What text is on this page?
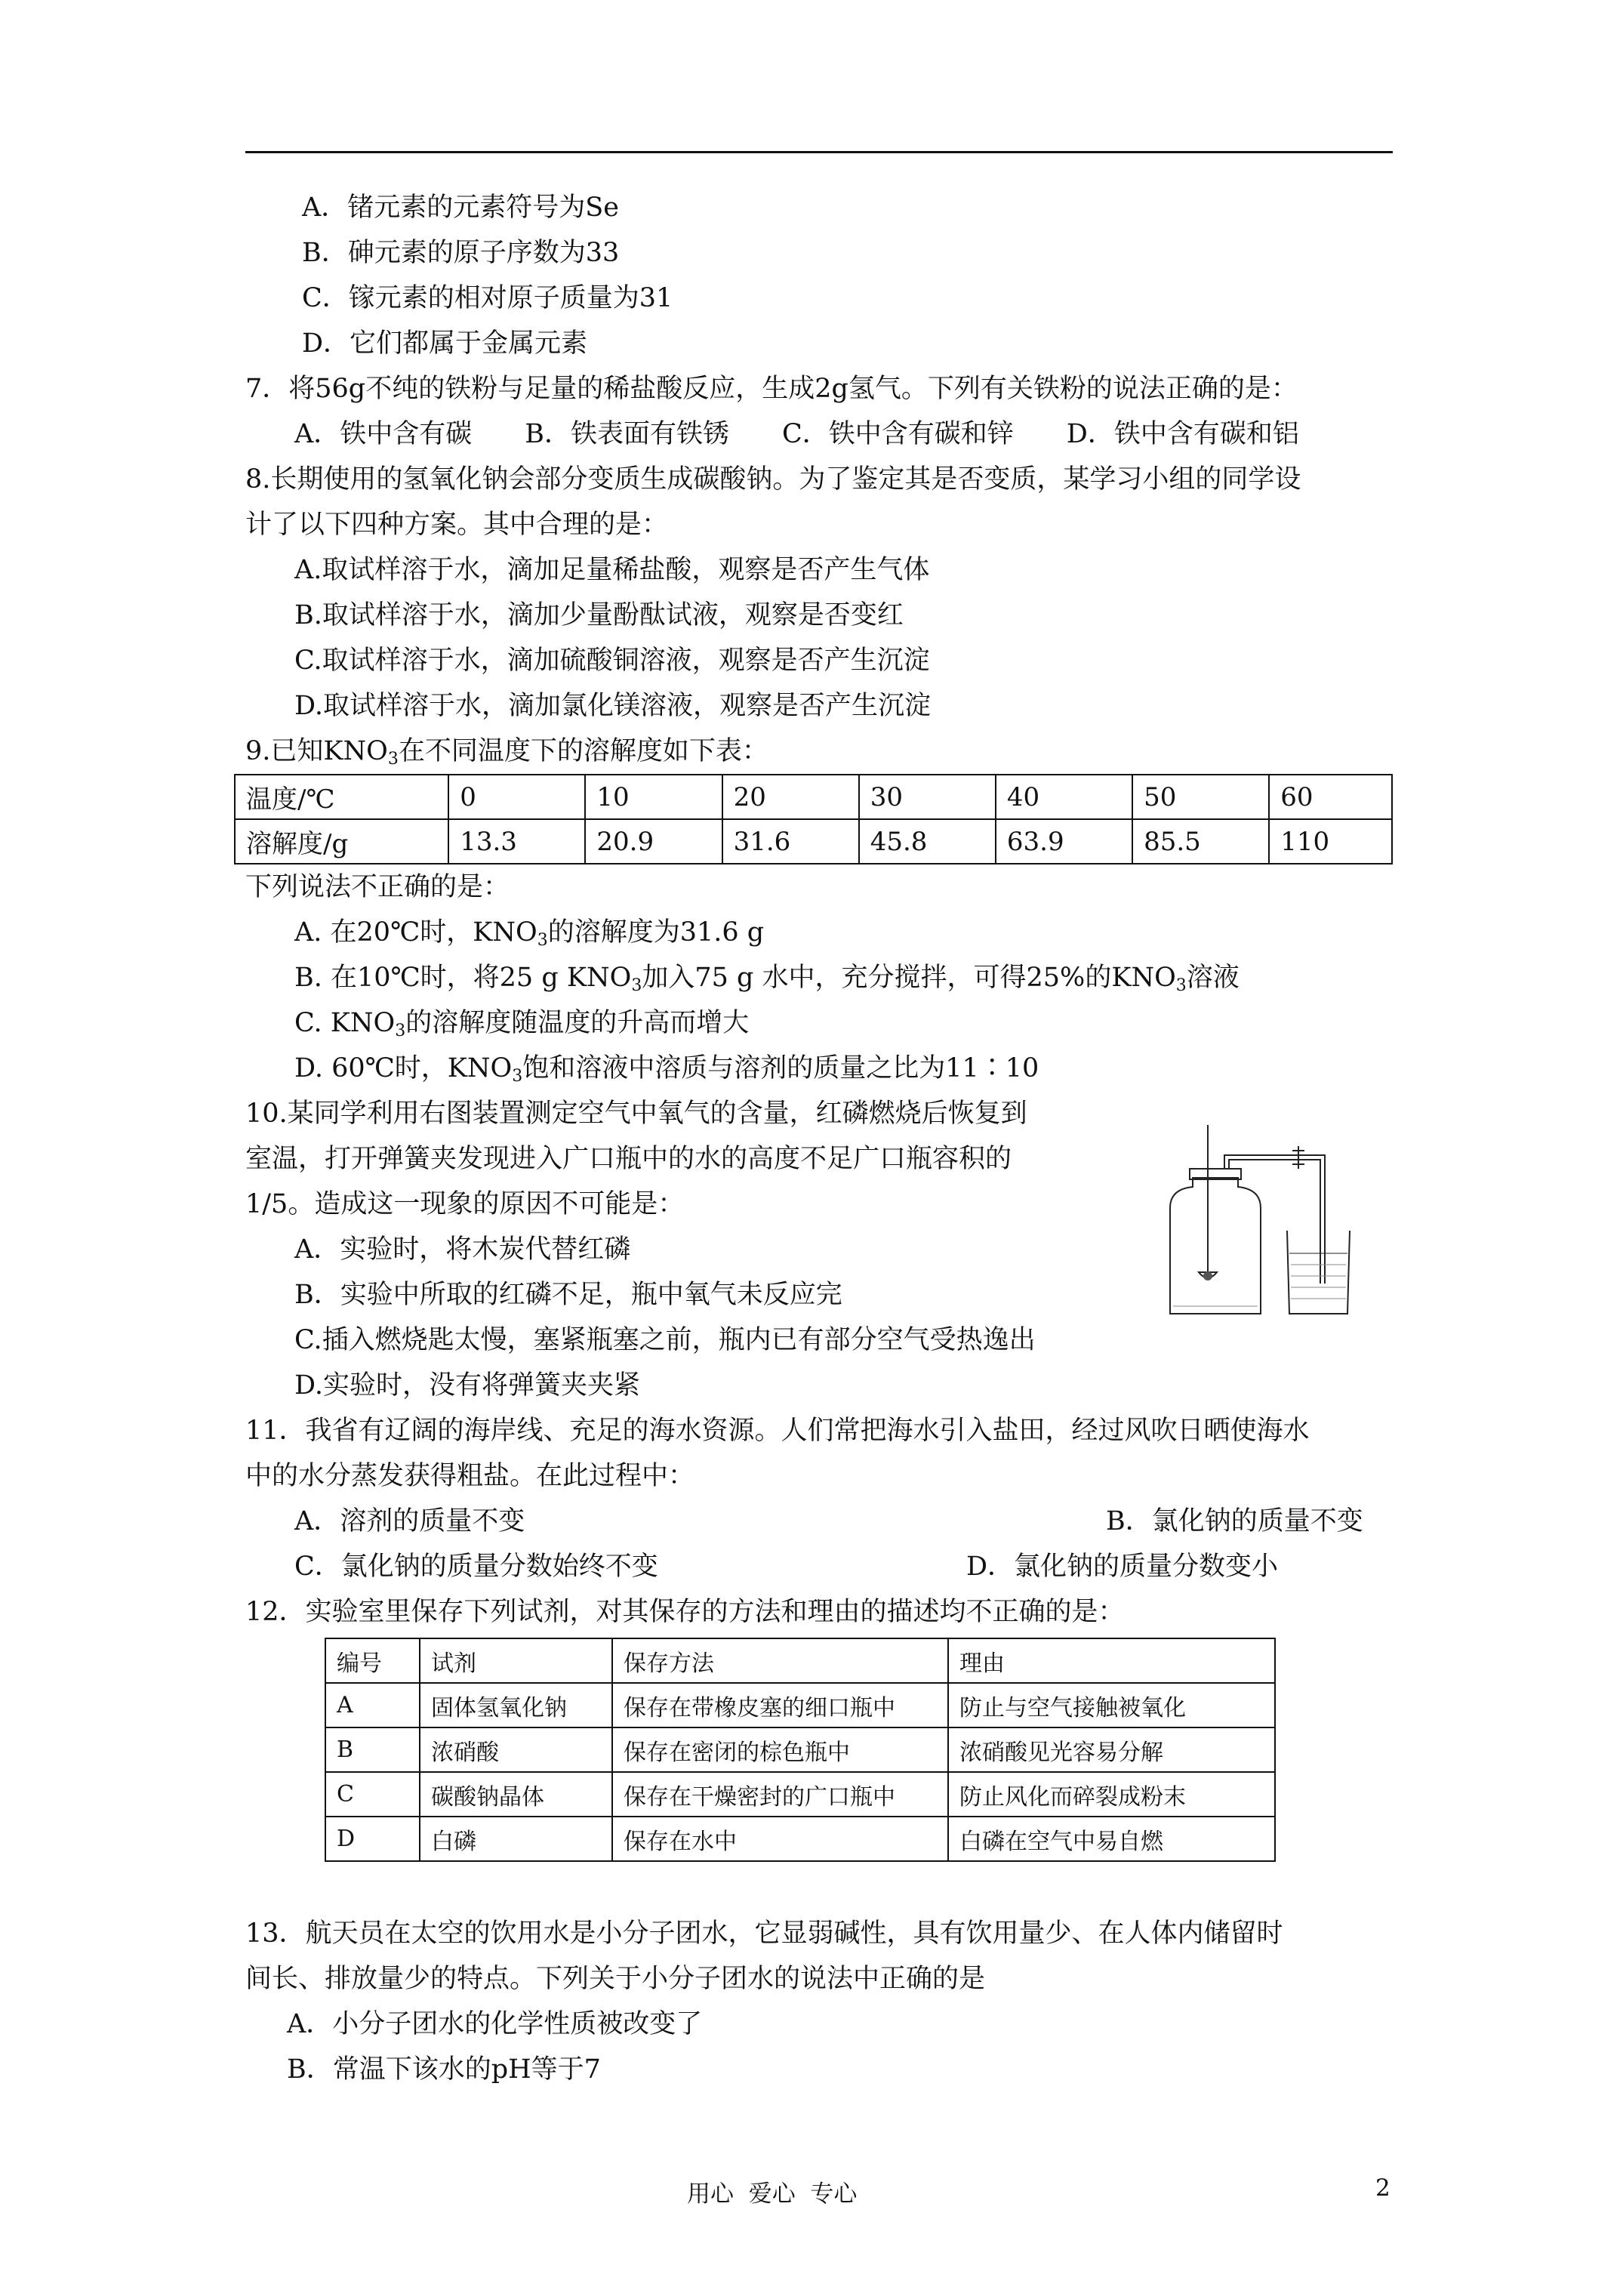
A．锗元素的元素符号为Se
B．砷元素的原子序数为33
C．镓元素的相对原子质量为31
D．它们都属于金属元素
7．将56g不纯的铁粉与足量的稀盐酸反应，生成2g氢气。下列有关铁粉的说法正确的是：
A．铁中含有碳 B．铁表面有铁锈 C．铁中含有碳和锌 D．铁中含有碳和铝
8.长期使用的氢氧化钠会部分变质生成碳酸钠。为了鉴定其是否变质，某学习小组的同学设
计了以下四种方案。其中合理的是：
A.取试样溶于水，滴加足量稀盐酸，观察是否产生气体
B.取试样溶于水，滴加少量酚酞试液，观察是否变红
C.取试样溶于水，滴加硫酸铜溶液，观察是否产生沉淀
D.取试样溶于水，滴加氯化镁溶液，观察是否产生沉淀
9.已知$KNO_3$在不同温度下的溶解度如下表：
温度/℃	0	10	20	30	40	50	60
溶解度/g	13.3	20.9	31.6	45.8	63.9	85.5	110
下列说法不正确的是：
A. 在20℃时，$KNO_3$的溶解度为31.6 g
B. 在10℃时，将25 g $KNO_3$加入75 g 水中，充分搅拌，可得25%的$KNO_3$溶液
C. $KNO_3$的溶解度随温度的升高而增大
D. 60℃时，$KNO_3$饱和溶液中溶质与溶剂的质量之比为11∶10
10.某同学利用右图装置测定空气中氧气的含量，红磷燃烧后恢复到
室温，打开弹簧夹发现进入广口瓶中的水的高度不足广口瓶容积的
1/5。造成这一现象的原因不可能是：
A．实验时，将木炭代替红磷
B．实验中所取的红磷不足，瓶中氧气未反应完
C.插入燃烧匙太慢，塞紧瓶塞之前，瓶内已有部分空气受热逸出
D.实验时，没有将弹簧夹夹紧
11．我省有辽阔的海岸线、充足的海水资源。人们常把海水引入盐田，经过风吹日晒使海水
中的水分蒸发获得粗盐。在此过程中：
A．溶剂的质量不变	B．氯化钠的质量不变
C．氯化钠的质量分数始终不变	D．氯化钠的质量分数变小
12．实验室里保存下列试剂，对其保存的方法和理由的描述均不正确的是：
编号	试剂	保存方法	理由
A	固体氢氧化钠	保存在带橡皮塞的细口瓶中	防止与空气接触被氧化
B	浓硝酸	保存在密闭的棕色瓶中	浓硝酸见光容易分解
C	碳酸钠晶体	保存在干燥密封的广口瓶中	防止风化而碎裂成粉末
D	白磷	保存在水中	白磷在空气中易自燃
13．航天员在太空的饮用水是小分子团水，它显弱碱性，具有饮用量少、在人体内储留时
间长、排放量少的特点。下列关于小分子团水的说法中正确的是
A．小分子团水的化学性质被改变了
B．常温下该水的pH等于7
用心  爱心  专心	2
